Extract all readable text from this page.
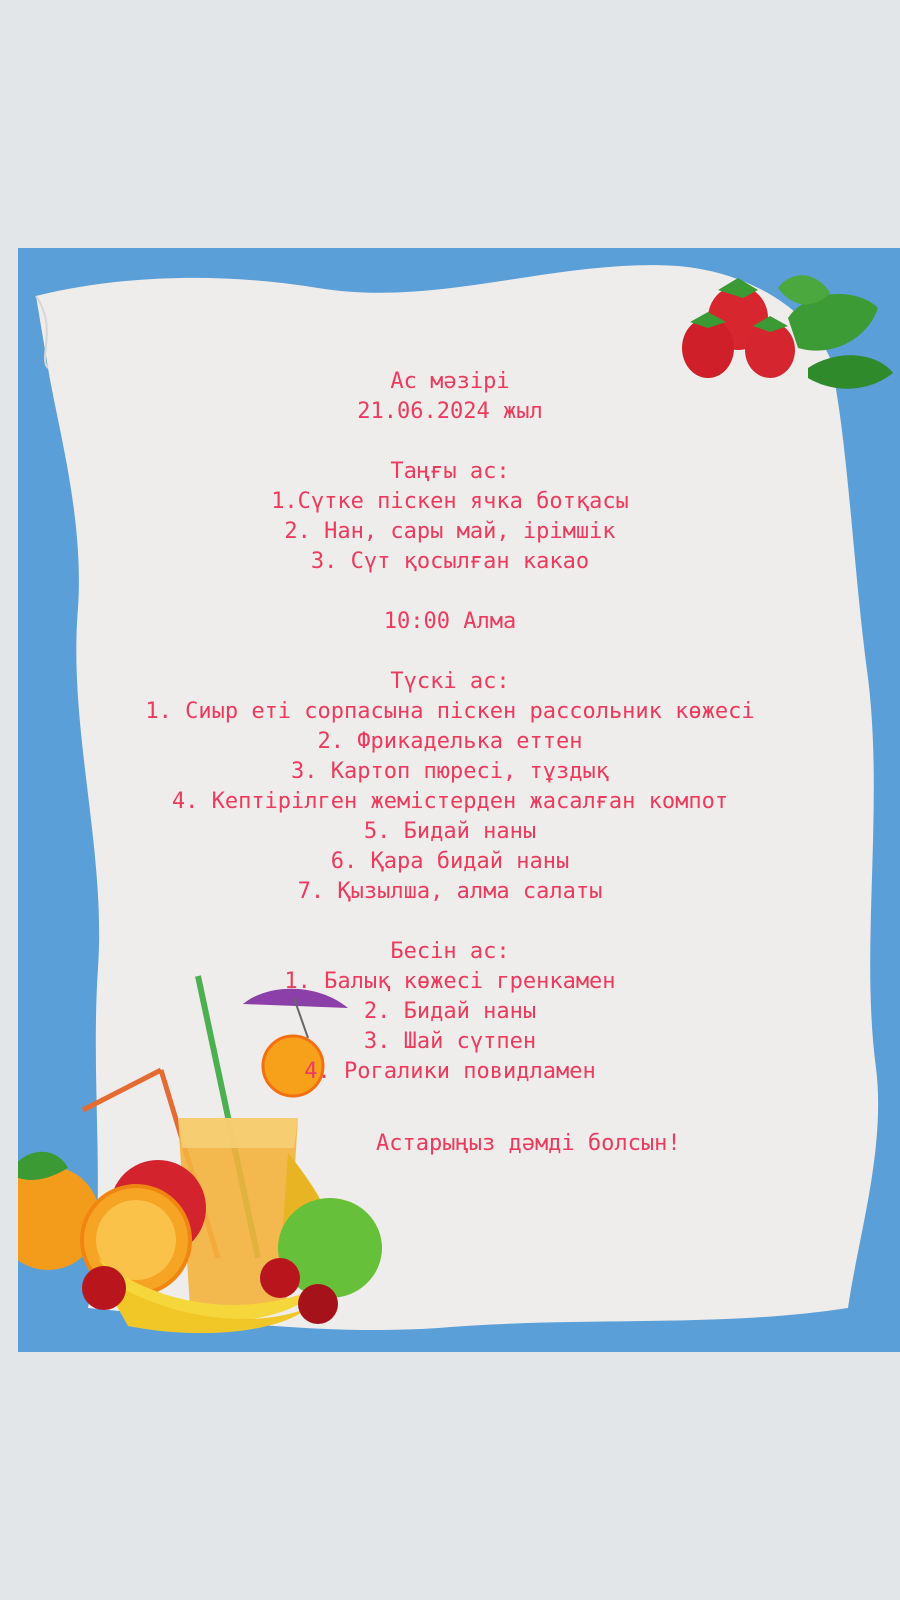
Ас мәзірі
21.06.2024 жыл
Таңғы ас:
1.Сүтке піскен ячка ботқасы
2. Нан, сары май, ірімшік
3. Сүт қосылған какао
10:00 Алма
Түскі ас:
1. Сиыр еті сорпасына піскен рассольник көжесі
2. Фрикаделька еттен
3. Картоп пюресі, тұздық
4. Кептірілген жемістерден жасалған компот
5. Бидай наны
6. Қара бидай наны
7. Қызылша, алма салаты
Бесін ас:
1. Балық көжесі гренкамен
2. Бидай наны
3. Шай сүтпен
4. Рогалики повидламен
Астарыңыз дәмді болсын!
